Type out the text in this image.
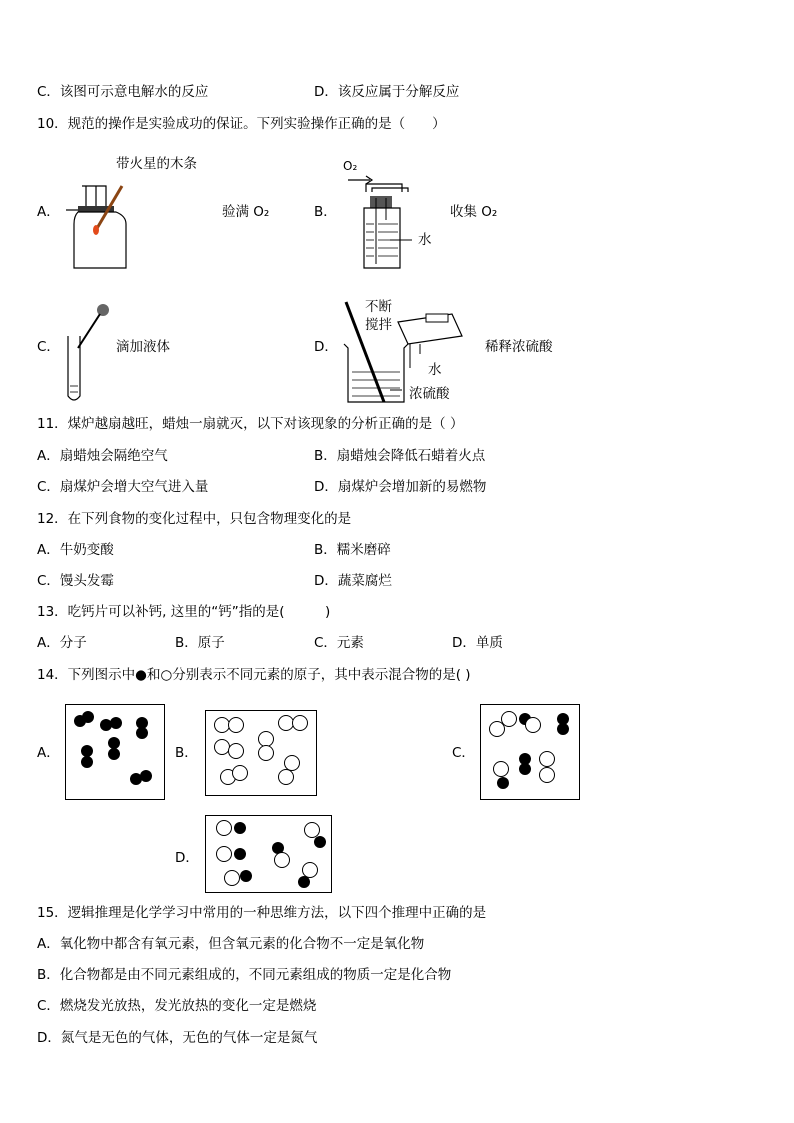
C．该图可示意电解水的反应	D．该反应属于分解反应
10．规范的操作是实验成功的保证。下列实验操作正确的是（　　）
A．
带火星的木条
验满 O₂	B．
O₂
水
收集 O₂
C．	滴加液体	D．
不断
搅拌
水
浓硫酸
稀释浓硫酸
11．煤炉越扇越旺，蜡烛一扇就灭，以下对该现象的分析正确的是（ ）
A．扇蜡烛会隔绝空气	B．扇蜡烛会降低石蜡着火点
C．扇煤炉会增大空气进入量	D．扇煤炉会增加新的易燃物
12．在下列食物的变化过程中，只包含物理变化的是
A．牛奶变酸	B．糯米磨碎
C．馒头发霉	D．蔬菜腐烂
13．吃钙片可以补钙, 这里的“钙”指的是(　　　)
A．分子	B．原子	C．元素	D．单质
14．下列图示中●和○分别表示不同元素的原子，其中表示混合物的是( )
A．	B．	C．
D．
15．逻辑推理是化学学习中常用的一种思维方法，以下四个推理中正确的是
A．氧化物中都含有氧元素，但含氧元素的化合物不一定是氧化物
B．化合物都是由不同元素组成的，不同元素组成的物质一定是化合物
C．燃烧发光放热，发光放热的变化一定是燃烧
D．氮气是无色的气体，无色的气体一定是氮气
